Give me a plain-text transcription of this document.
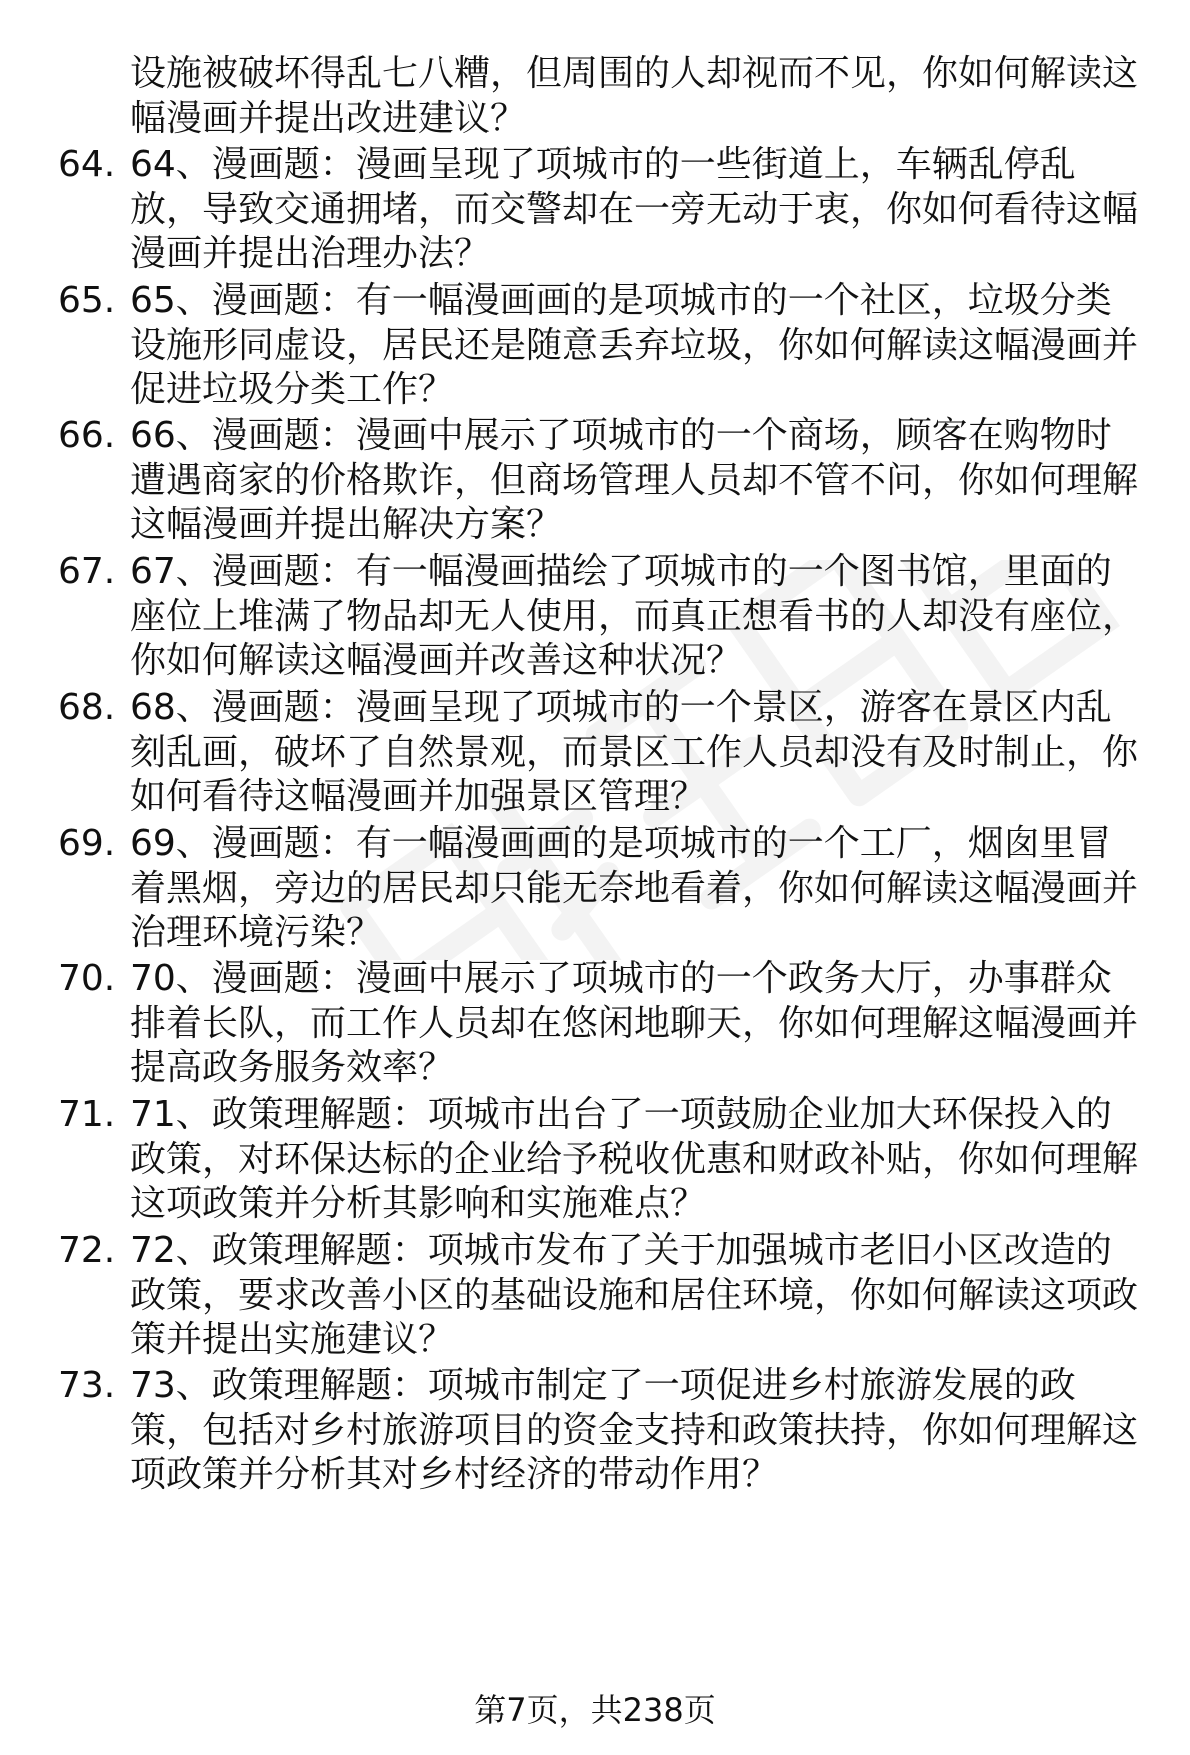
设施被破坏得乱七八糟，但周围的人却视而不见，你如何解读这幅漫画并提出改进建议？
64. 64、漫画题：漫画呈现了项城市的一些街道上，车辆乱停乱放，导致交通拥堵，而交警却在一旁无动于衷，你如何看待这幅漫画并提出治理办法？
65. 65、漫画题：有一幅漫画画的是项城市的一个社区，垃圾分类设施形同虚设，居民还是随意丢弃垃圾，你如何解读这幅漫画并促进垃圾分类工作？
66. 66、漫画题：漫画中展示了项城市的一个商场，顾客在购物时遭遇商家的价格欺诈，但商场管理人员却不管不问，你如何理解这幅漫画并提出解决方案？
67. 67、漫画题：有一幅漫画描绘了项城市的一个图书馆，里面的座位上堆满了物品却无人使用，而真正想看书的人却没有座位，你如何解读这幅漫画并改善这种状况？
68. 68、漫画题：漫画呈现了项城市的一个景区，游客在景区内乱刻乱画，破坏了自然景观，而景区工作人员却没有及时制止，你如何看待这幅漫画并加强景区管理？
69. 69、漫画题：有一幅漫画画的是项城市的一个工厂，烟囱里冒着黑烟，旁边的居民却只能无奈地看着，你如何解读这幅漫画并治理环境污染？
70. 70、漫画题：漫画中展示了项城市的一个政务大厅，办事群众排着长队，而工作人员却在悠闲地聊天，你如何理解这幅漫画并提高政务服务效率？
71. 71、政策理解题：项城市出台了一项鼓励企业加大环保投入的政策，对环保达标的企业给予税收优惠和财政补贴，你如何理解这项政策并分析其影响和实施难点？
72. 72、政策理解题：项城市发布了关于加强城市老旧小区改造的政策，要求改善小区的基础设施和居住环境，你如何解读这项政策并提出实施建议？
73. 73、政策理解题：项城市制定了一项促进乡村旅游发展的政策，包括对乡村旅游项目的资金支持和政策扶持，你如何理解这项政策并分析其对乡村经济的带动作用？
第7页，共238页
